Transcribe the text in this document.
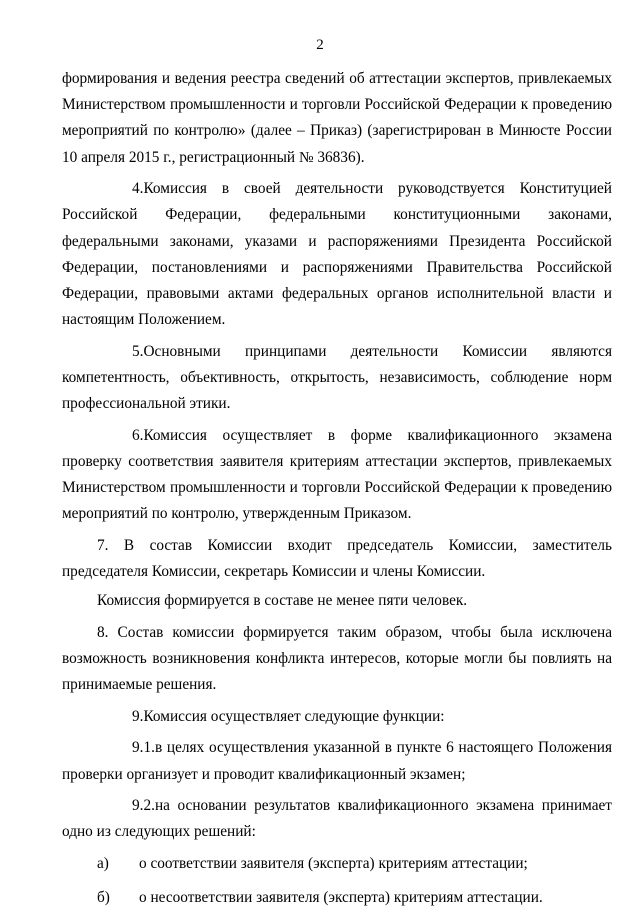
2

формирования и ведения реестра сведений об аттестации экспертов, привлекаемых Министерством промышленности и торговли Российской Федерации к проведению мероприятий по контролю» (далее – Приказ) (зарегистрирован в Минюсте России 10 апреля 2015 г., регистрационный № 36836).

4.Комиссия в своей деятельности руководствуется Конституцией Российской Федерации, федеральными конституционными законами, федеральными законами, указами и распоряжениями Президента Российской Федерации, постановлениями и распоряжениями Правительства Российской Федерации, правовыми актами федеральных органов исполнительной власти и настоящим Положением.

5.Основными принципами деятельности Комиссии являются компетентность, объективность, открытость, независимость, соблюдение норм профессиональной этики.

6.Комиссия осуществляет в форме квалификационного экзамена проверку соответствия заявителя критериям аттестации экспертов, привлекаемых Министерством промышленности и торговли Российской Федерации к проведению мероприятий по контролю, утвержденным Приказом.

7. В состав Комиссии входит председатель Комиссии, заместитель председателя Комиссии, секретарь Комиссии и члены Комиссии.

Комиссия формируется в составе не менее пяти человек.

8. Состав комиссии формируется таким образом, чтобы была исключена возможность возникновения конфликта интересов, которые могли бы повлиять на принимаемые решения.

9.Комиссия осуществляет следующие функции:

9.1.в целях осуществления указанной в пункте 6 настоящего Положения проверки организует и проводит квалификационный экзамен;

9.2.на основании результатов квалификационного экзамена принимает одно из следующих решений:

а)	о соответствии заявителя (эксперта) критериям аттестации;
б)	о несоответствии заявителя (эксперта) критериям аттестации.
